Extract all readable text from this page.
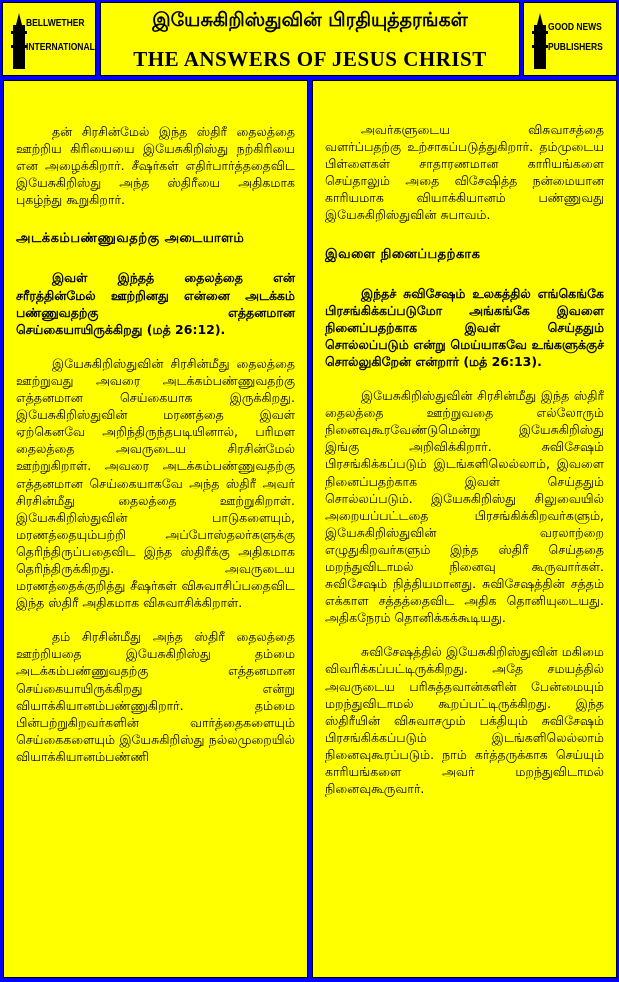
BELLWETHER
INTERNATIONAL
இயேசுகிறிஸ்துவின் பிரதியுத்தரங்கள்
THE ANSWERS OF JESUS CHRIST
GOOD NEWS
PUBLISHERS

தன் சிரசின்மேல் இந்த ஸ்திரீ தைலத்தை ஊற்றிய கிரியையை இயேசுகிறிஸ்து நற்கிரியை என அழைக்கிறார். சீஷர்கள் எதிர்பார்த்ததைவிட இயேசுகிறிஸ்து அந்த ஸ்திரீயை அதிகமாக புகழ்ந்து கூறுகிறார்.

அடக்கம்பண்ணுவதற்கு அடையாளம்

இவள் இந்தத் தைலத்தை என் சரீரத்தின்மேல் ஊற்றினது என்னை அடக்கம் பண்ணுவதற்கு எத்தனமான செய்கையாயிருக்கிறது (மத் 26:12).

இயேசுகிறிஸ்துவின் சிரசின்மீது தைலத்தை ஊற்றுவது அவரை அடக்கம்பண்ணுவதற்கு எத்தனமான செய்கையாக இருக்கிறது. இயேசுகிறிஸ்துவின் மரணத்தை இவள் ஏற்கெனவே அறிந்திருந்தபடியினால், பரிமள தைலத்தை அவருடைய சிரசின்மேல் ஊற்றுகிறாள். அவரை அடக்கம்பண்ணுவதற்கு எத்தனமான செய்கையாகவே அந்த ஸ்திரீ அவர் சிரசின்மீது தைலத்தை ஊற்றுகிறாள். இயேசுகிறிஸ்துவின் பாடுகளையும், மரணத்தையும்பற்றி அப்போஸ்தலர்களுக்கு தெரிந்திருப்பதைவிட இந்த ஸ்திரீக்கு அதிகமாக தெரிந்திருக்கிறது. அவருடைய மரணத்தைக்குறித்து சீஷர்கள் விசுவாசிப்பதைவிட இந்த ஸ்திரீ அதிகமாக விசுவாசிக்கிறாள்.

தம் சிரசின்மீது அந்த ஸ்திரீ தைலத்தை ஊற்றியதை இயேசுகிறிஸ்து தம்மை அடக்கம்பண்ணுவதற்கு எத்தனமான செய்கையாயிருக்கிறது என்று வியாக்கியானம்பண்ணுகிறார். தம்மை பின்பற்றுகிறவர்களின் வார்த்தைகளையும் செய்கைகளையும் இயேசுகிறிஸ்து நல்லமுறையில் வியாக்கியானம்பண்ணி

அவர்களுடைய விசுவாசத்தை வளர்ப்பதற்கு உற்சாகப்படுத்துகிறார். தம்முடைய பிள்ளைகள் சாதாரணமான காரியங்களை செய்தாலும் அதை விசேஷித்த நன்மையான காரியமாக வியாக்கியானம் பண்ணுவது இயேசுகிறிஸ்துவின் சுபாவம்.

இவளை நினைப்பதற்காக

இந்தச் சுவிசேஷம் உலகத்தில் எங்கெங்கே பிரசங்கிக்கப்படுமோ அங்கங்கே இவளை நினைப்பதற்காக இவள் செய்ததும் சொல்லப்படும் என்று மெய்யாகவே உங்களுக்குச் சொல்லுகிறேன் என்றார் (மத் 26:13).

இயேசுகிறிஸ்துவின் சிரசின்மீது இந்த ஸ்திரீ தைலத்தை ஊற்றுவதை எல்லோரும் நினைவுகூரவேண்டுமென்று இயேசுகிறிஸ்து இங்கு அறிவிக்கிறார். சுவிசேஷம் பிரசங்கிக்கப்படும் இடங்களிலெல்லாம், இவளை நினைப்பதற்காக இவள் செய்ததும் சொல்லப்படும். இயேசுகிறிஸ்து சிலுவையில் அறையப்பட்டதை பிரசங்கிக்கிறவர்களும், இயேசுகிறிஸ்துவின் வரலாற்றை எழுதுகிறவர்களும் இந்த ஸ்திரீ செய்ததை மறந்துவிடாமல் நினைவு கூருவார்கள். சுவிசேஷம் நித்தியமானது. சுவிசேஷத்தின் சத்தம் எக்காள சத்தத்தைவிட அதிக தொனியுடையது. அதிகநேரம் தொனிக்கக்கூடியது.

சுவிசேஷத்தில் இயேசுகிறிஸ்துவின் மகிமை விவரிக்கப்பட்டிருக்கிறது. அதே சமயத்தில் அவருடைய பரிசுத்தவான்களின் பேன்மையும் மறந்துவிடாமல் கூறப்பட்டிருக்கிறது. இந்த ஸ்திரீயின் விசுவாசமும் பக்தியும் சுவிசேஷம் பிரசங்கிக்கப்படும் இடங்களிலெல்லாம் நினைவுகூரப்படும். நாம் கர்த்தருக்காக செய்யும் காரியங்களை அவர் மறந்துவிடாமல் நினைவுகூருவார்.
